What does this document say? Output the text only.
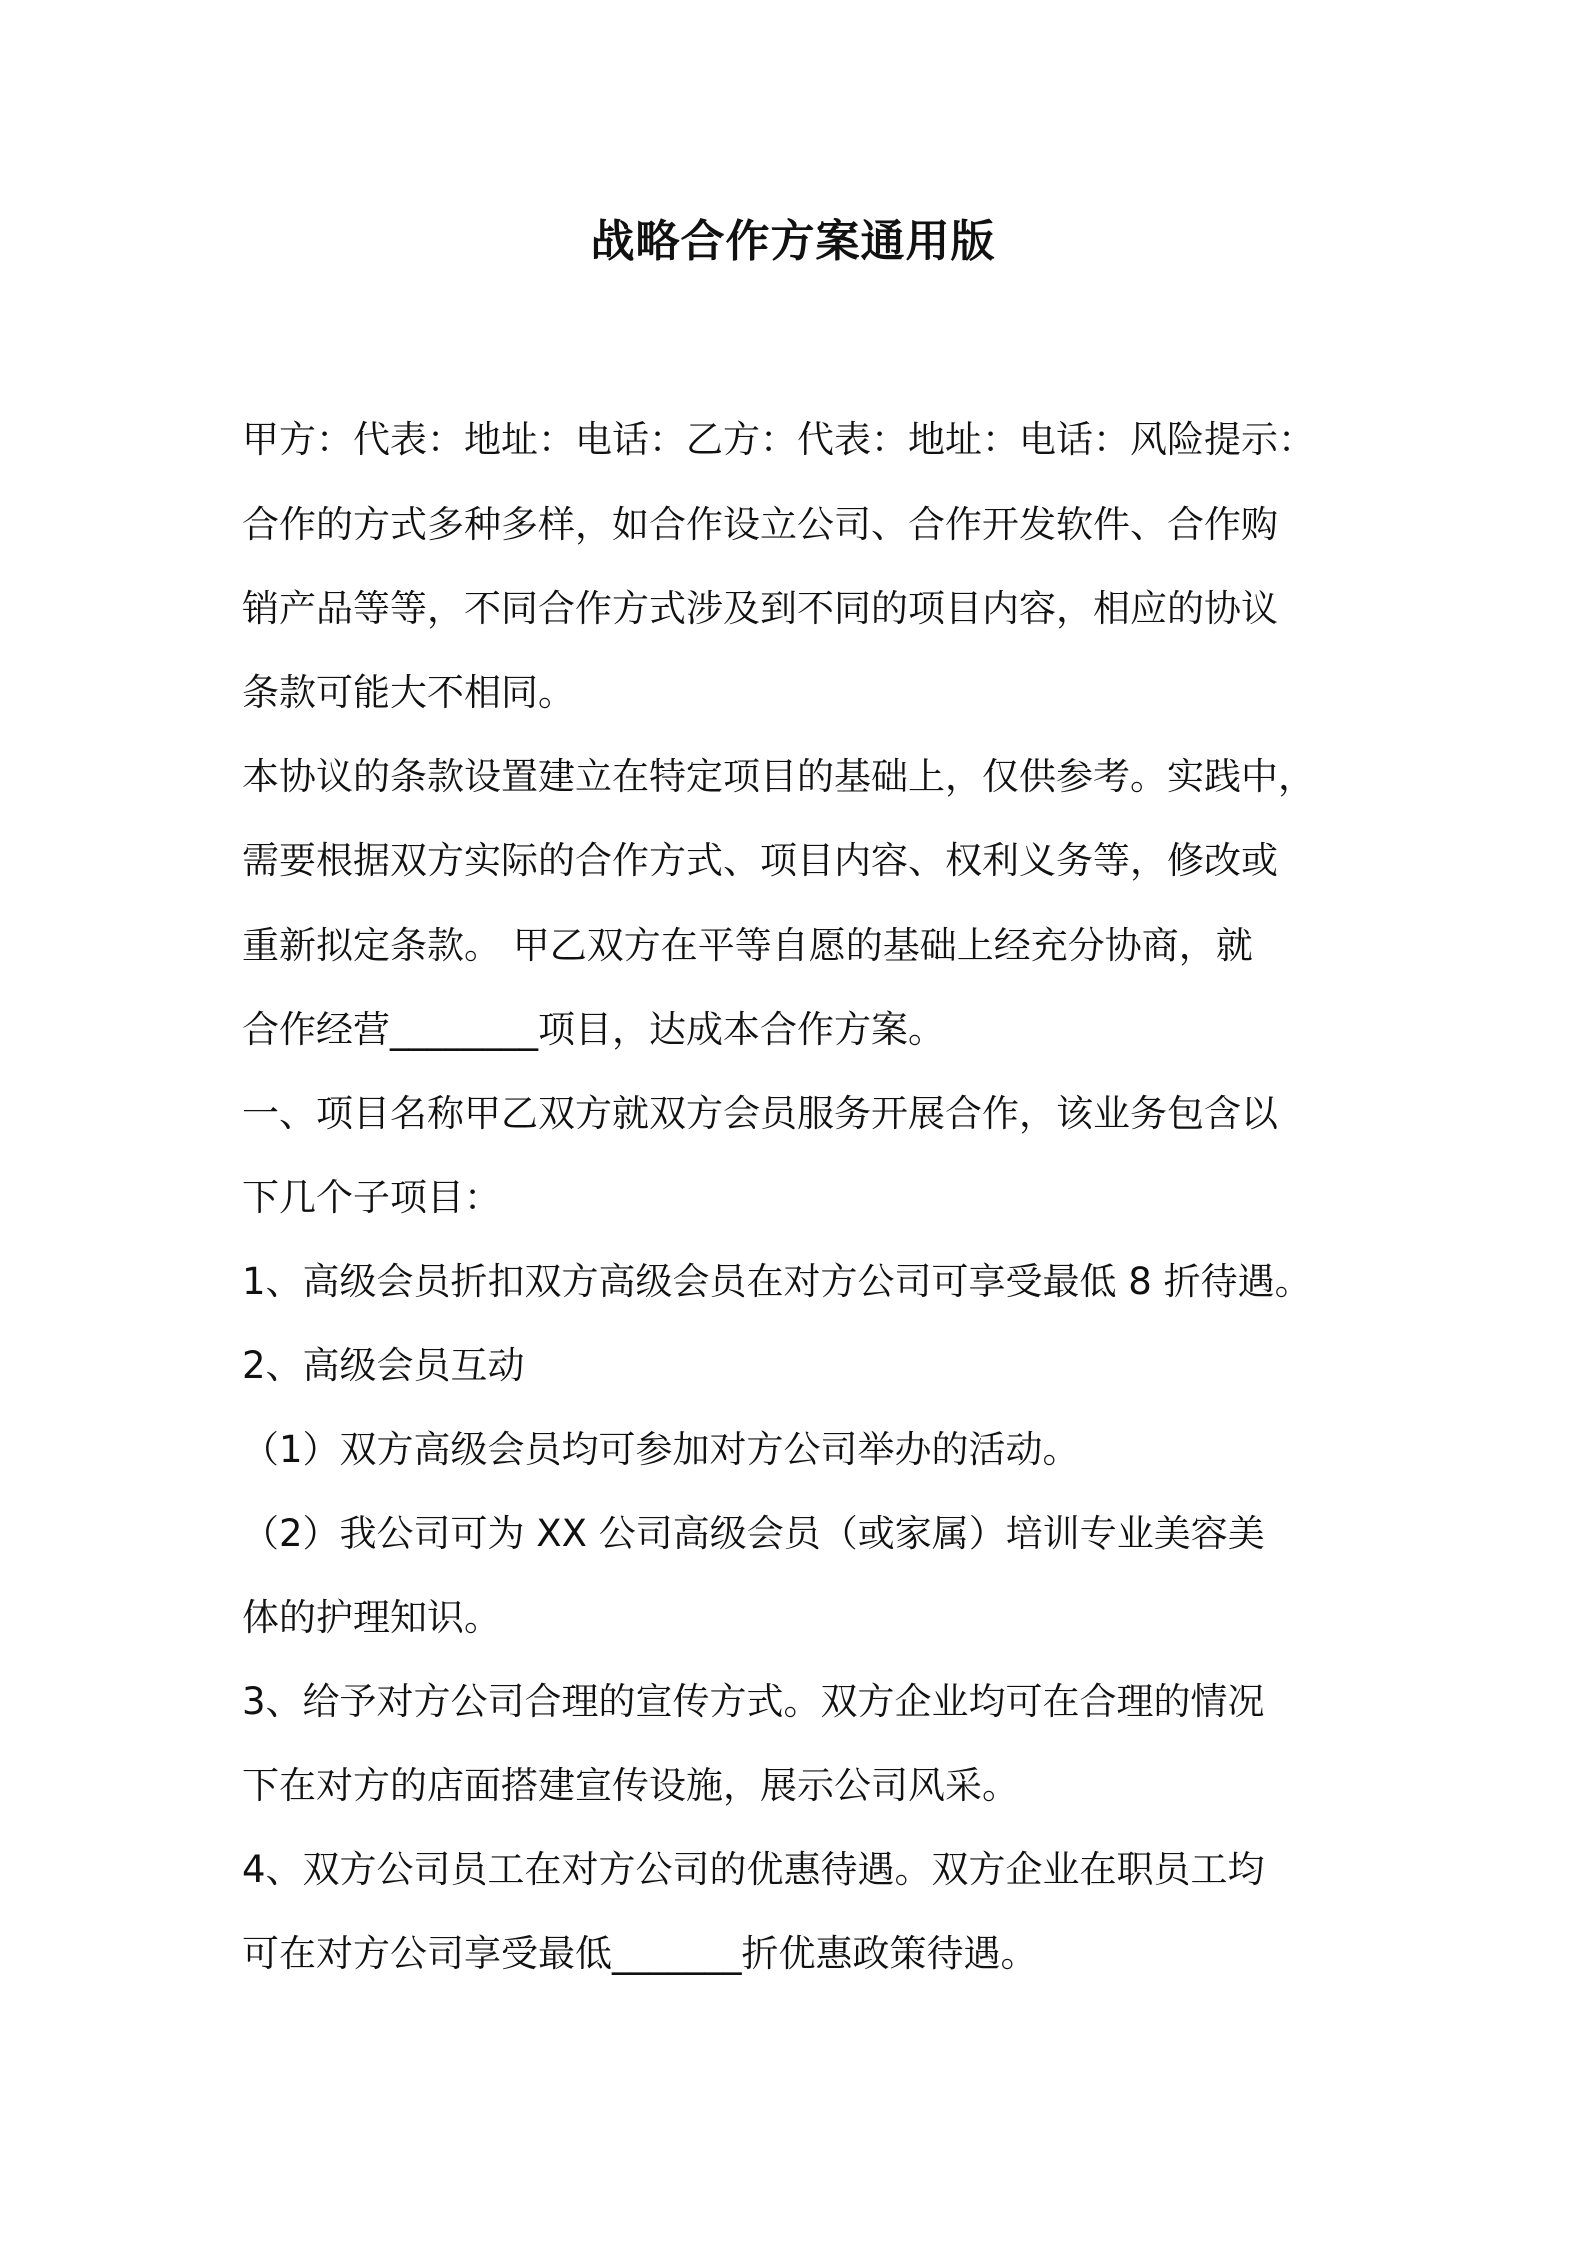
战略合作方案通用版
甲方：代表：地址：电话：乙方：代表：地址：电话：风险提示：
合作的方式多种多样，如合作设立公司、合作开发软件、合作购
销产品等等，不同合作方式涉及到不同的项目内容，相应的协议
条款可能大不相同。
本协议的条款设置建立在特定项目的基础上，仅供参考。实践中，
需要根据双方实际的合作方式、项目内容、权利义务等，修改或
重新拟定条款。 甲乙双方在平等自愿的基础上经充分协商，就
合作经营________项目，达成本合作方案。
一、项目名称甲乙双方就双方会员服务开展合作，该业务包含以
下几个子项目：
1、高级会员折扣双方高级会员在对方公司可享受最低 8 折待遇。
2、高级会员互动
（1）双方高级会员均可参加对方公司举办的活动。
（2）我公司可为 XX 公司高级会员（或家属）培训专业美容美
体的护理知识。
3、给予对方公司合理的宣传方式。双方企业均可在合理的情况
下在对方的店面搭建宣传设施，展示公司风采。
4、双方公司员工在对方公司的优惠待遇。双方企业在职员工均
可在对方公司享受最低_______折优惠政策待遇。
